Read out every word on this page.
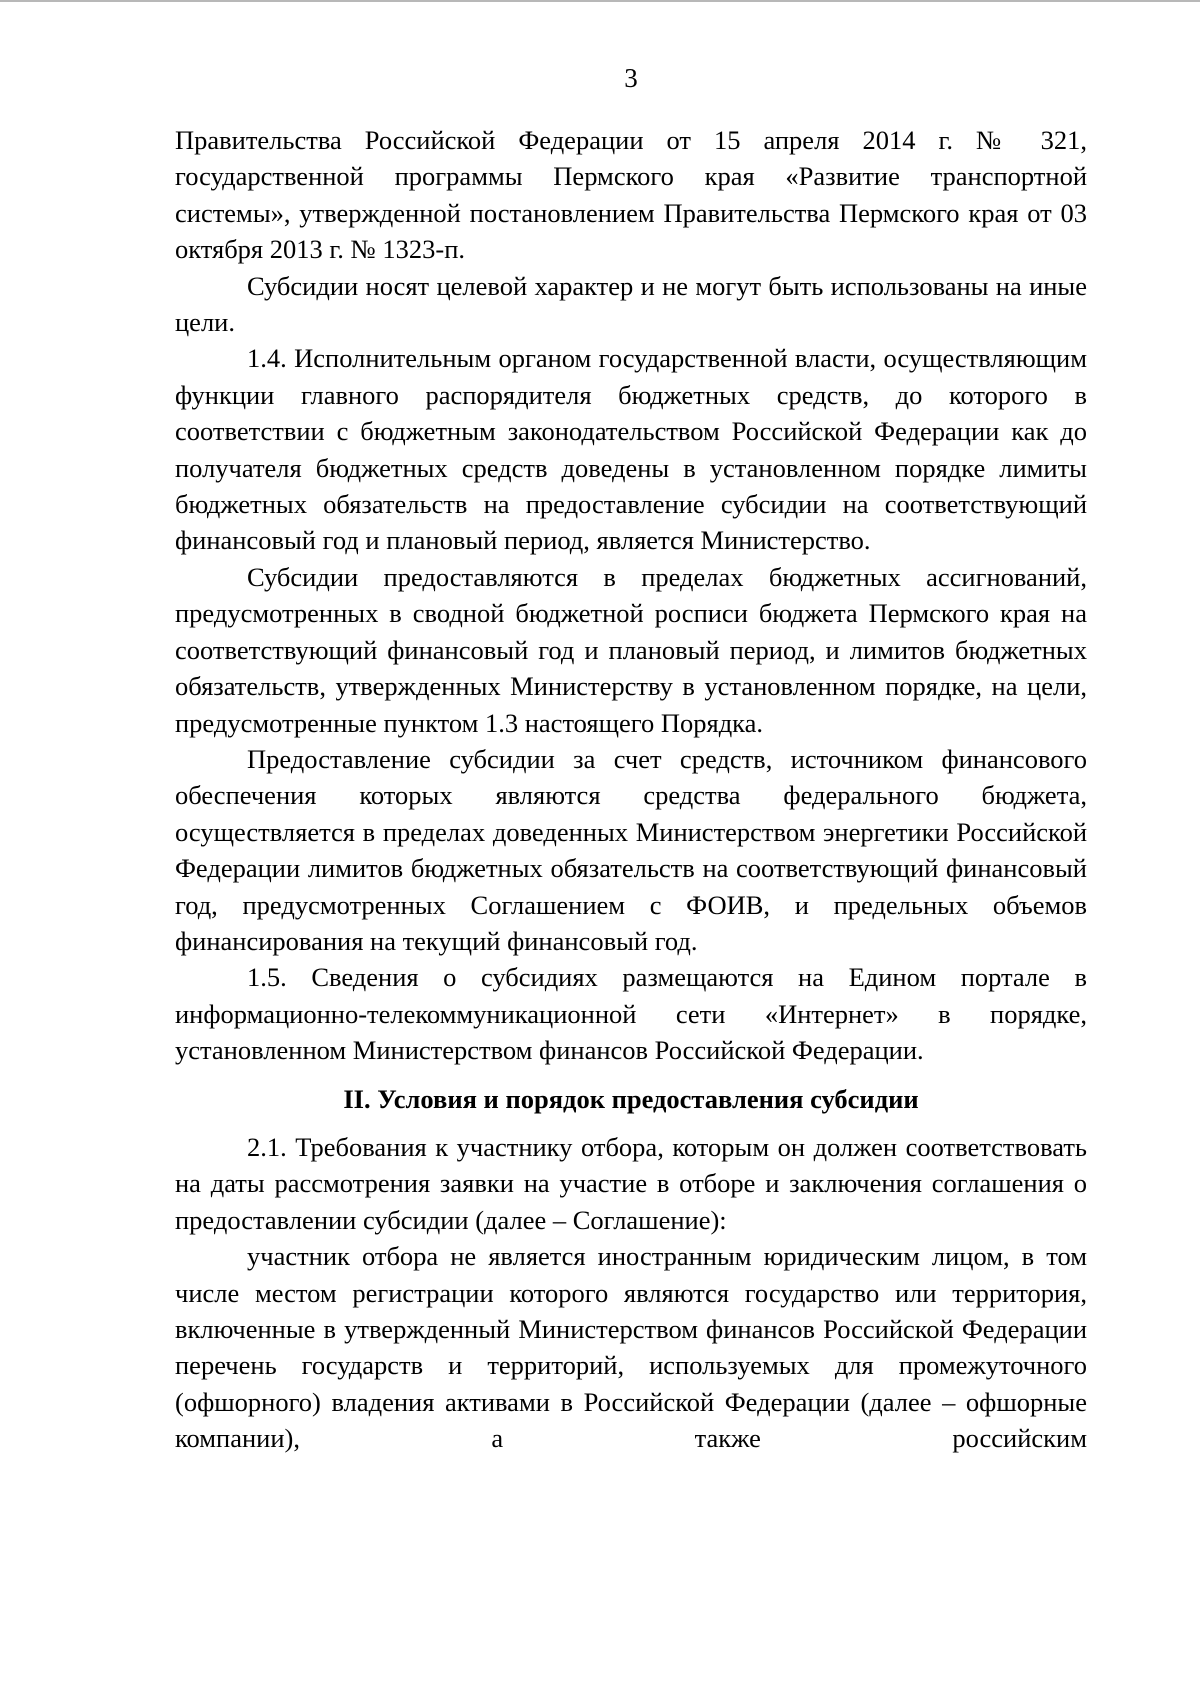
3

Правительства Российской Федерации от 15 апреля 2014 г. № 321, государственной программы Пермского края «Развитие транспортной системы», утвержденной постановлением Правительства Пермского края от 03 октября 2013 г. № 1323-п.

Субсидии носят целевой характер и не могут быть использованы на иные цели.

1.4. Исполнительным органом государственной власти, осуществляющим функции главного распорядителя бюджетных средств, до которого в соответствии с бюджетным законодательством Российской Федерации как до получателя бюджетных средств доведены в установленном порядке лимиты бюджетных обязательств на предоставление субсидии на соответствующий финансовый год и плановый период, является Министерство.

Субсидии предоставляются в пределах бюджетных ассигнований, предусмотренных в сводной бюджетной росписи бюджета Пермского края на соответствующий финансовый год и плановый период, и лимитов бюджетных обязательств, утвержденных Министерству в установленном порядке, на цели, предусмотренные пунктом 1.3 настоящего Порядка.

Предоставление субсидии за счет средств, источником финансового обеспечения которых являются средства федерального бюджета, осуществляется в пределах доведенных Министерством энергетики Российской Федерации лимитов бюджетных обязательств на соответствующий финансовый год, предусмотренных Соглашением с ФОИВ, и предельных объемов финансирования на текущий финансовый год.

1.5. Сведения о субсидиях размещаются на Едином портале в информационно-телекоммуникационной сети «Интернет» в порядке, установленном Министерством финансов Российской Федерации.

II. Условия и порядок предоставления субсидии

2.1. Требования к участнику отбора, которым он должен соответствовать на даты рассмотрения заявки на участие в отборе и заключения соглашения о предоставлении субсидии (далее – Соглашение):

участник отбора не является иностранным юридическим лицом, в том числе местом регистрации которого являются государство или территория, включенные в утвержденный Министерством финансов Российской Федерации перечень государств и территорий, используемых для промежуточного (офшорного) владения активами в Российской Федерации (далее – офшорные компании), а также российским
